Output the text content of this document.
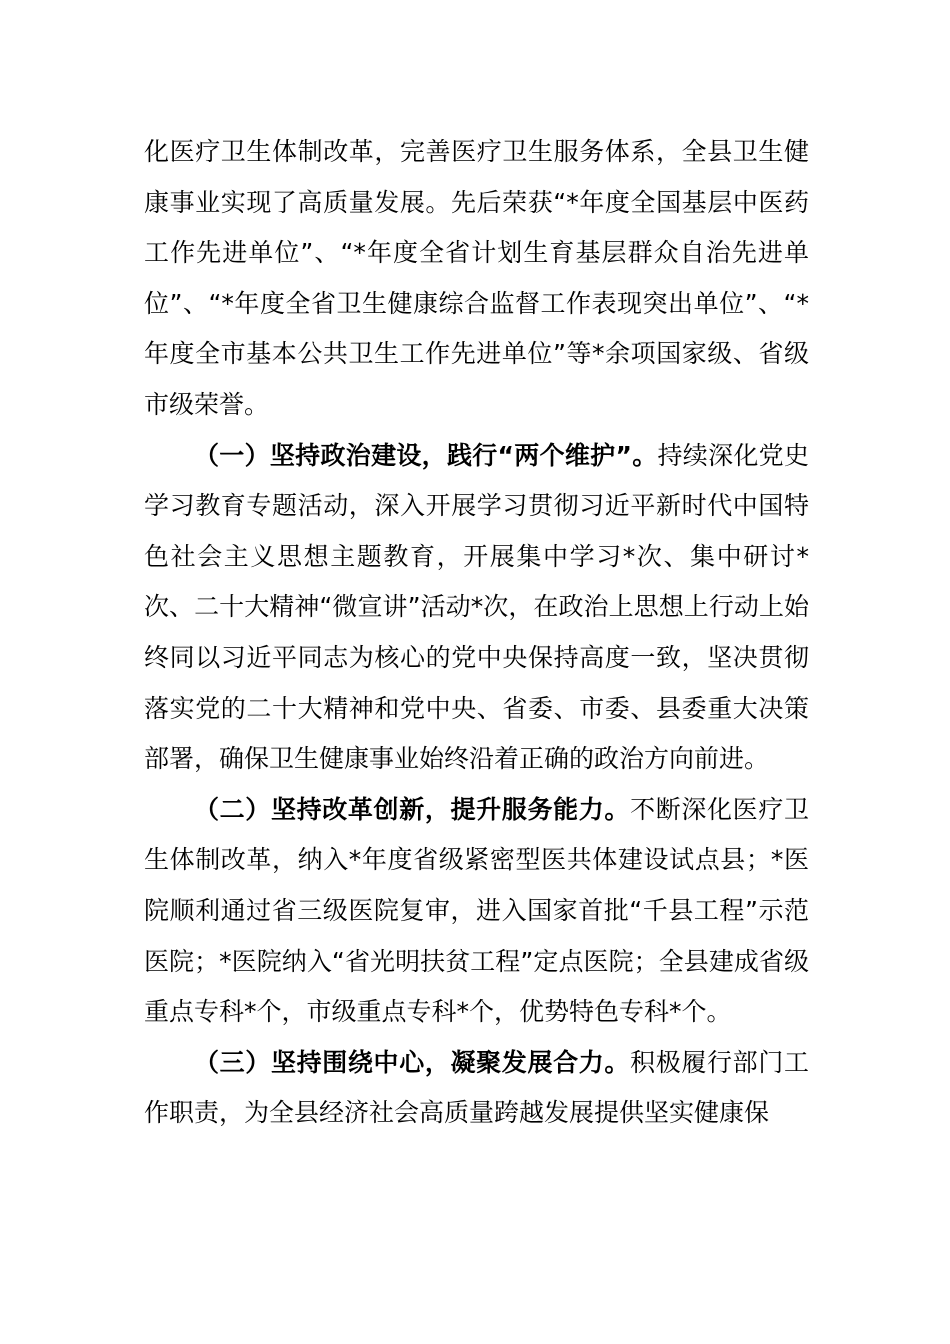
化医疗卫生体制改革，完善医疗卫生服务体系，全县卫生健康事业实现了高质量发展。先后荣获“*年度全国基层中医药工作先进单位”、“*年度全省计划生育基层群众自治先进单位”、“*年度全省卫生健康综合监督工作表现突出单位”、“*年度全市基本公共卫生工作先进单位”等*余项国家级、省级市级荣誉。

（一）坚持政治建设，践行“两个维护”。持续深化党史学习教育专题活动，深入开展学习贯彻习近平新时代中国特色社会主义思想主题教育，开展集中学习*次、集中研讨*次、二十大精神“微宣讲”活动*次，在政治上思想上行动上始终同以习近平同志为核心的党中央保持高度一致，坚决贯彻落实党的二十大精神和党中央、省委、市委、县委重大决策部署，确保卫生健康事业始终沿着正确的政治方向前进。

（二）坚持改革创新，提升服务能力。不断深化医疗卫生体制改革，纳入*年度省级紧密型医共体建设试点县；*医院顺利通过省三级医院复审，进入国家首批“千县工程”示范医院；*医院纳入“省光明扶贫工程”定点医院；全县建成省级重点专科*个，市级重点专科*个，优势特色专科*个。

（三）坚持围绕中心，凝聚发展合力。积极履行部门工作职责，为全县经济社会高质量跨越发展提供坚实健康保
